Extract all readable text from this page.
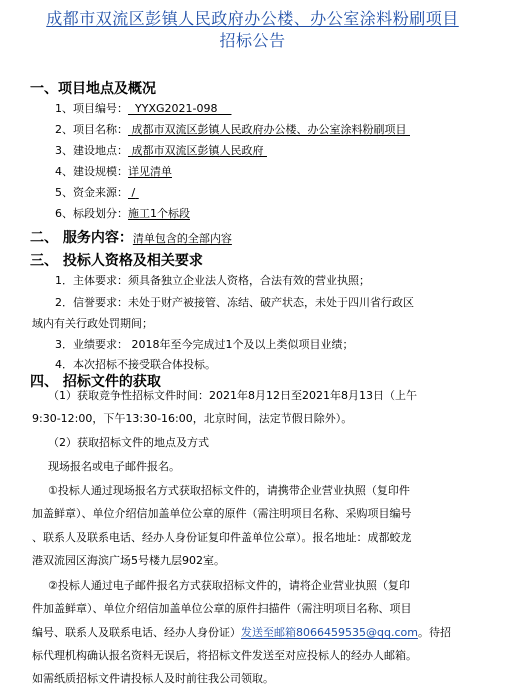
成都市双流区彭镇人民政府办公楼、办公室涂料粉刷项目
招标公告
一、项目地点及概况
1、项目编号： YYXG2021-098
2、项目名称： 成都市双流区彭镇人民政府办公楼、办公室涂料粉刷项目
3、建设地点： 成都市双流区彭镇人民政府
4、建设规模：详见清单
5、资金来源： /
6、标段划分：施工1个标段
二、 服务内容：清单包含的全部内容
三、 投标人资格及相关要求
1．主体要求：须具备独立企业法人资格，合法有效的营业执照；
2．信誉要求：未处于财产被接管、冻结、破产状态，未处于四川省行政区
域内有关行政处罚期间；
3．业绩要求： 2018年至今完成过1个及以上类似项目业绩；
4．本次招标不接受联合体投标。
四、 招标文件的获取
（1）获取竞争性招标文件时间：2021年8月12日至2021年8月13日（上午
9:30-12:00，下午13:30-16:00，北京时间，法定节假日除外）。
（2）获取招标文件的地点及方式
现场报名或电子邮件报名。
①投标人通过现场报名方式获取招标文件的，请携带企业营业执照（复印件
加盖鲜章）、单位介绍信加盖单位公章的原件（需注明项目名称、采购项目编号
、联系人及联系电话、经办人身份证复印件盖单位公章）。报名地址：成都蛟龙
港双流园区海滨广场5号楼九层902室。
②投标人通过电子邮件报名方式获取招标文件的，请将企业营业执照（复印
件加盖鲜章）、单位介绍信加盖单位公章的原件扫描件（需注明项目名称、项目
编号、联系人及联系电话、经办人身份证）发送至邮箱8066459535@qq.com。待招
标代理机构确认报名资料无误后，将招标文件发送至对应投标人的经办人邮箱。
如需纸质招标文件请投标人及时前往我公司领取。
